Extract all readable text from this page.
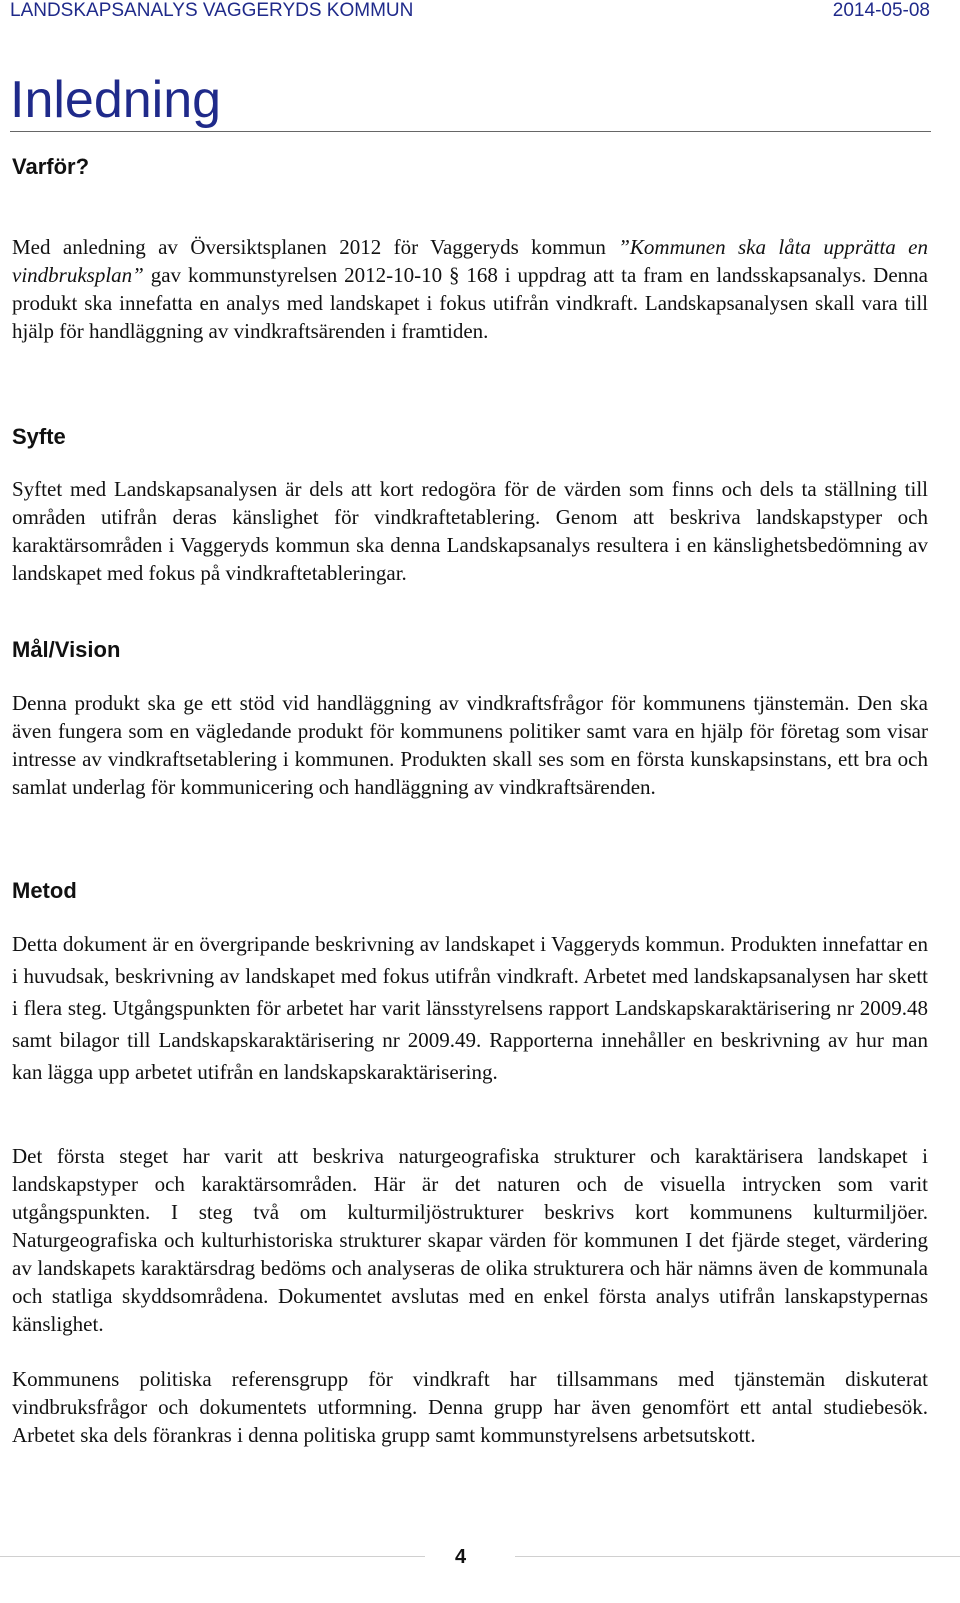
LANDSKAPSANALYS VAGGERYDS KOMMUN	2014-05-08
Inledning
Varför?

Med anledning av Översiktsplanen 2012 för Vaggeryds kommun ”Kommunen ska låta upprätta en vindbruksplan” gav kommunstyrelsen 2012-10-10 § 168 i uppdrag att ta fram en landsskapsanalys. Denna produkt ska innefatta en analys med landskapet i fokus utifrån vindkraft. Landskapsanalysen skall vara till hjälp för handläggning av vindkraftsärenden i framtiden.

Syfte

Syftet med Landskapsanalysen är dels att kort redogöra för de värden som finns och dels ta ställning till områden utifrån deras känslighet för vindkraftetablering. Genom att beskriva landskapstyper och karaktärsområden i Vaggeryds kommun ska denna Landskapsanalys resultera i en känslighetsbedömning av landskapet med fokus på vindkraftetableringar.

Mål/Vision

Denna produkt ska ge ett stöd vid handläggning av vindkraftsfrågor för kommunens tjänstemän. Den ska även fungera som en vägledande produkt för kommunens politiker samt vara en hjälp för företag som visar intresse av vindkraftsetablering i kommunen. Produkten skall ses som en första kunskapsinstans, ett bra och samlat underlag för kommunicering och handläggning av vindkraftsärenden.

Metod

Detta dokument är en övergripande beskrivning av landskapet i Vaggeryds kommun. Produkten innefattar en i huvudsak, beskrivning av landskapet med fokus utifrån vindkraft. Arbetet med landskapsanalysen har skett i flera steg. Utgångspunkten för arbetet har varit länsstyrelsens rapport Landskapskaraktärisering nr 2009.48 samt bilagor till Landskapskaraktärisering nr 2009.49. Rapporterna innehåller en beskrivning av hur man kan lägga upp arbetet utifrån en landskapskaraktärisering.

Det första steget har varit att beskriva naturgeografiska strukturer och karaktärisera landskapet i landskapstyper och karaktärsområden. Här är det naturen och de visuella intrycken som varit utgångspunkten. I steg två om kulturmiljöstrukturer beskrivs kort kommunens kulturmiljöer. Naturgeografiska och kulturhistoriska strukturer skapar värden för kommunen I det fjärde steget, värdering av landskapets karaktärsdrag bedöms och analyseras de olika strukturera och här nämns även de kommunala och statliga skyddsområdena. Dokumentet avslutas med en enkel första analys utifrån lanskapstypernas känslighet.

Kommunens politiska referensgrupp för vindkraft har tillsammans med tjänstemän diskuterat vindbruksfrågor och dokumentets utformning. Denna grupp har även genomfört ett antal studiebesök. Arbetet ska dels förankras i denna politiska grupp samt kommunstyrelsens arbetsutskott.

4
